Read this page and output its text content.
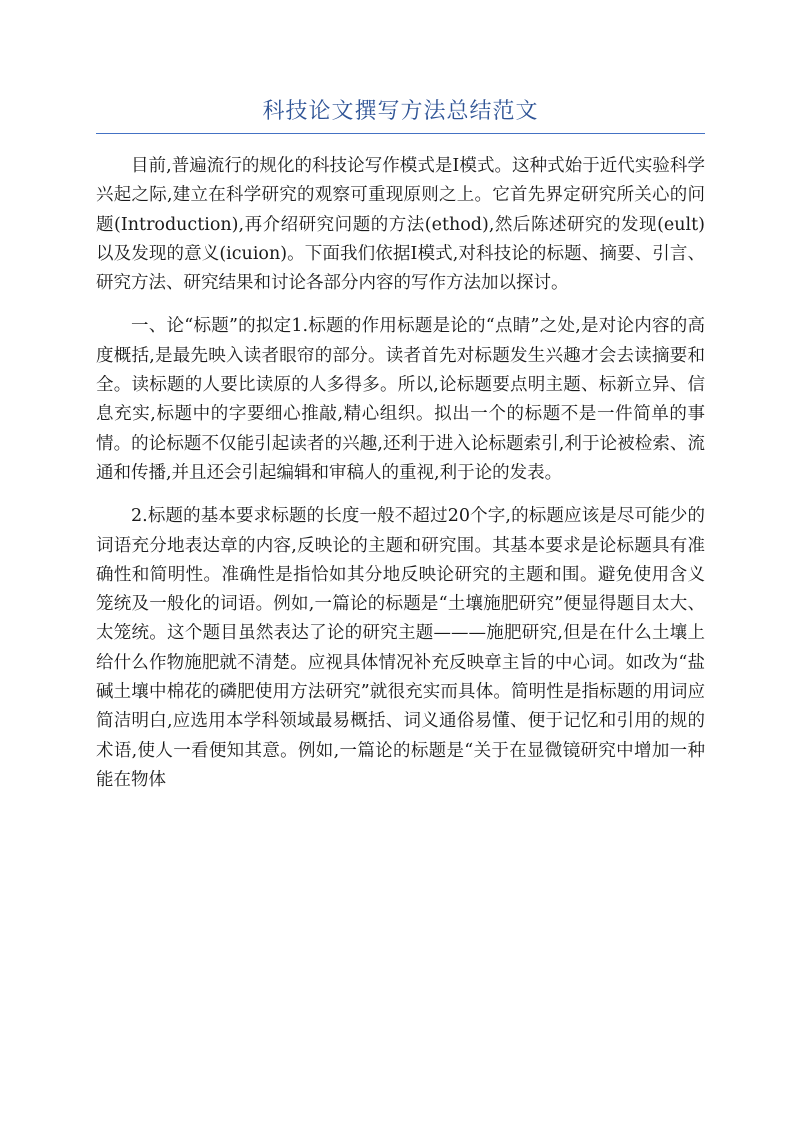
科技论文撰写方法总结范文

目前,普遍流行的规化的科技论写作模式是I模式。这种式始于近代实验科学兴起之际,建立在科学研究的观察可重现原则之上。它首先界定研究所关心的问题(Introduction),再介绍研究问题的方法(ethod),然后陈述研究的发现(eult)以及发现的意义(icuion)。下面我们依据I模式,对科技论的标题、摘要、引言、研究方法、研究结果和讨论各部分内容的写作方法加以探讨。

一、论“标题”的拟定1.标题的作用标题是论的“点睛”之处,是对论内容的高度概括,是最先映入读者眼帘的部分。读者首先对标题发生兴趣才会去读摘要和全。读标题的人要比读原的人多得多。所以,论标题要点明主题、标新立异、信息充实,标题中的字要细心推敲,精心组织。拟出一个的标题不是一件简单的事情。的论标题不仅能引起读者的兴趣,还利于进入论标题索引,利于论被检索、流通和传播,并且还会引起编辑和审稿人的重视,利于论的发表。

2.标题的基本要求标题的长度一般不超过20个字,的标题应该是尽可能少的词语充分地表达章的内容,反映论的主题和研究围。其基本要求是论标题具有准确性和简明性。准确性是指恰如其分地反映论研究的主题和围。避免使用含义笼统及一般化的词语。例如,一篇论的标题是“土壤施肥研究”便显得题目太大、太笼统。这个题目虽然表达了论的研究主题———施肥研究,但是在什么土壤上给什么作物施肥就不清楚。应视具体情况补充反映章主旨的中心词。如改为“盐碱土壤中棉花的磷肥使用方法研究”就很充实而具体。简明性是指标题的用词应简洁明白,应选用本学科领域最易概括、词义通俗易懂、便于记忆和引用的规的术语,使人一看便知其意。例如,一篇论的标题是“关于在显微镜研究中增加一种能在物体
